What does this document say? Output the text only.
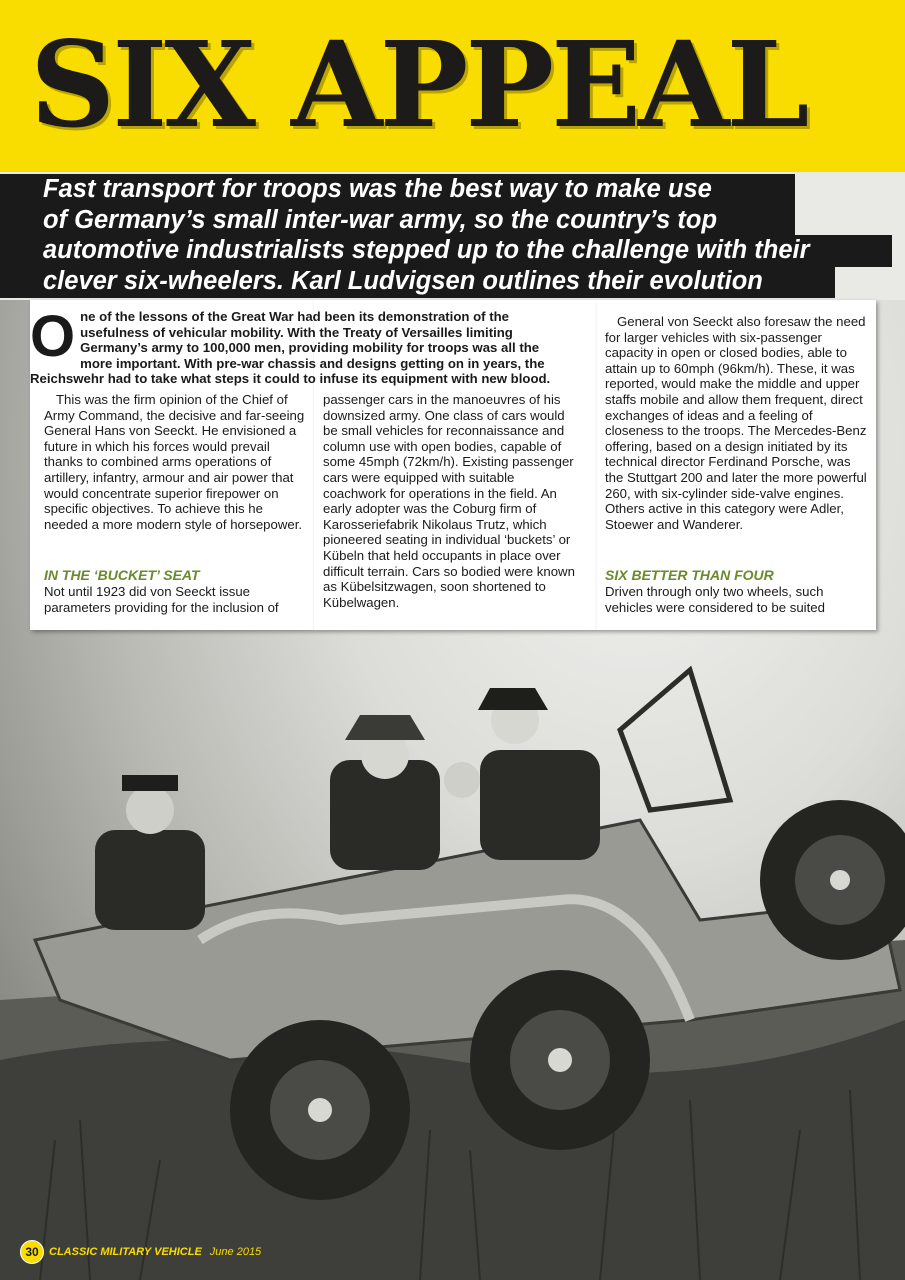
SIX APPEAL

Fast transport for troops was the best way to make use
of Germany’s small inter-war army, so the country’s top
automotive industrialists stepped up to the challenge with their
clever six-wheelers. Karl Ludvigsen outlines their evolution

One of the lessons of the Great War had been its demonstration of the usefulness of vehicular mobility. With the Treaty of Versailles limiting Germany’s army to 100,000 men, providing mobility for troops was all the more important. With pre-war chassis and designs getting on in years, the Reichswehr had to take what steps it could to infuse its equipment with new blood.

This was the firm opinion of the Chief of Army Command, the decisive and far-seeing General Hans von Seeckt. He envisioned a future in which his forces would prevail thanks to combined arms operations of artillery, infantry, armour and air power that would concentrate superior firepower on specific objectives. To achieve this he needed a more modern style of horsepower.

IN THE ‘BUCKET’ SEAT

Not until 1923 did von Seeckt issue parameters providing for the inclusion of

passenger cars in the manoeuvres of his downsized army. One class of cars would be small vehicles for reconnaissance and column use with open bodies, capable of some 45mph (72km/h). Existing passenger cars were equipped with suitable coachwork for operations in the field. An early adopter was the Coburg firm of Karosseriefabrik Nikolaus Trutz, which pioneered seating in individual ‘buckets’ or Kübeln that held occupants in place over difficult terrain. Cars so bodied were known as Kübelsitzwagen, soon shortened to Kübelwagen.

General von Seeckt also foresaw the need for larger vehicles with six-passenger capacity in open or closed bodies, able to attain up to 60mph (96km/h). These, it was reported, would make the middle and upper staffs mobile and allow them frequent, direct exchanges of ideas and a feeling of closeness to the troops. The Mercedes-Benz offering, based on a design initiated by its technical director Ferdinand Porsche, was the Stuttgart 200 and later the more powerful 260, with six-cylinder side-valve engines. Others active in this category were Adler, Stoewer and Wanderer.

SIX BETTER THAN FOUR

Driven through only two wheels, such vehicles were considered to be suited

30 CLASSIC MILITARY VEHICLE June 2015
